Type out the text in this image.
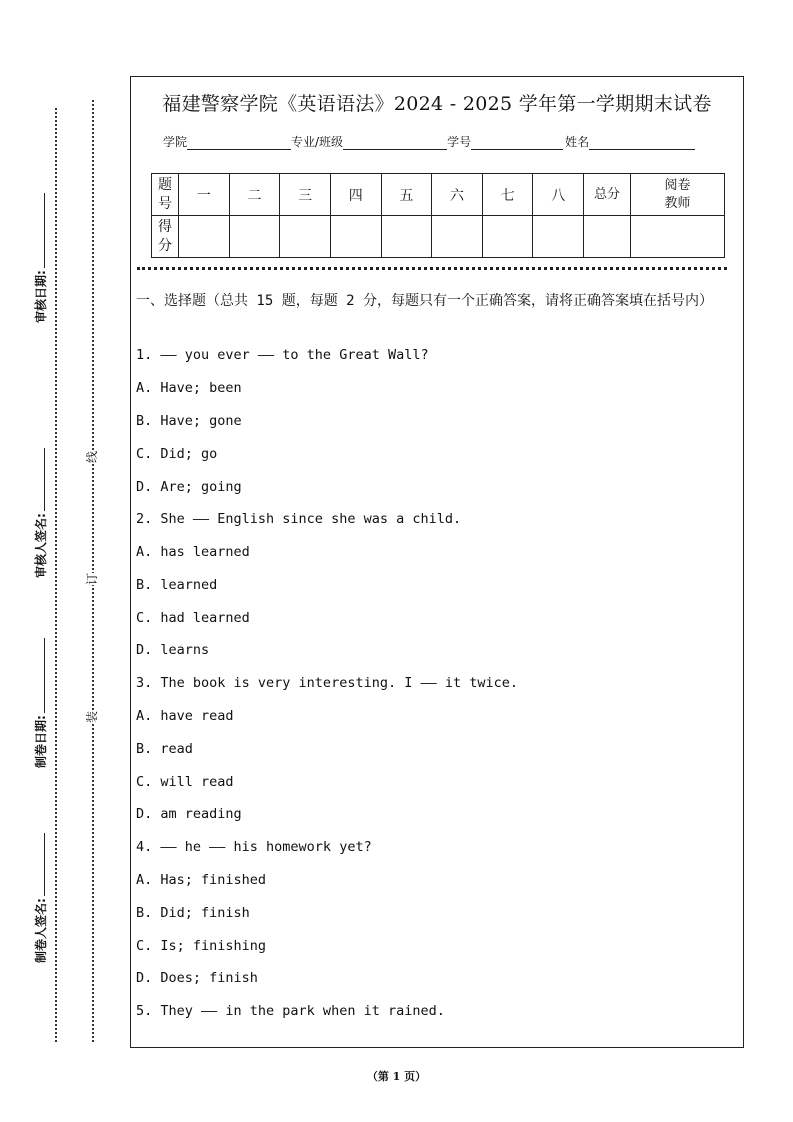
审核日期:
审核人签名:
制卷日期:
制卷人签名:
线
订
装
福建警察学院《英语语法》2024 - 2025 学年第一学期期末试卷
学院	专业/班级	学号	姓名
题号	一	二	三	四	五	六	七	八	总分	阅卷教师
得分										
一、选择题（总共 15 题，每题 2 分，每题只有一个正确答案，请将正确答案填在括号内）
1. —— you ever —— to the Great Wall?
A. Have; been
B. Have; gone
C. Did; go
D. Are; going
2. She —— English since she was a child.
A. has learned
B. learned
C. had learned
D. learns
3. The book is very interesting. I —— it twice.
A. have read
B. read
C. will read
D. am reading
4. —— he —— his homework yet?
A. Has; finished
B. Did; finish
C. Is; finishing
D. Does; finish
5. They —— in the park when it rained.
（第 1 页）
